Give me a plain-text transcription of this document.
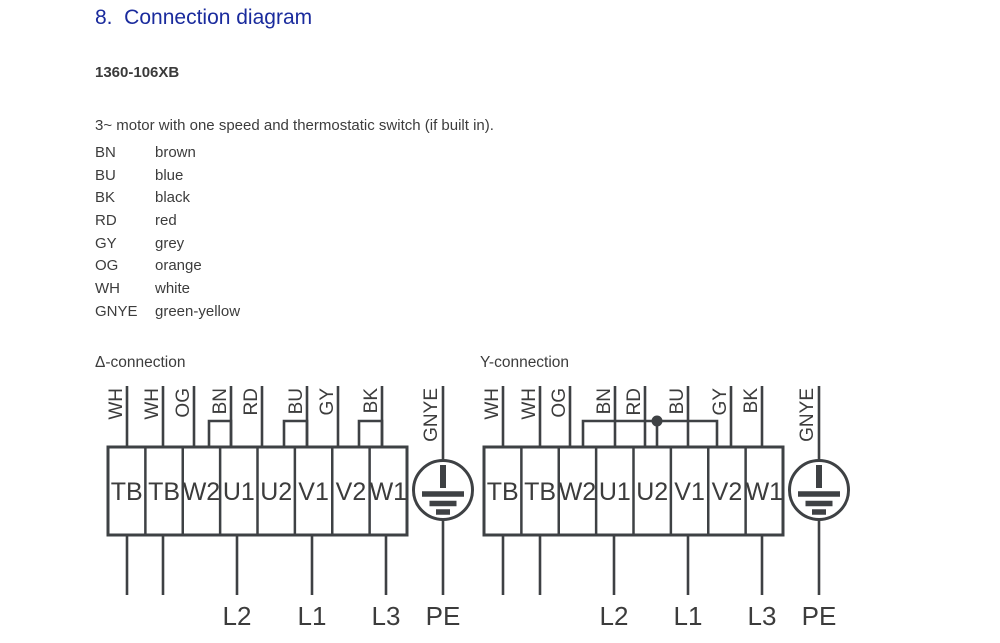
8.  Connection diagram
1360-106XB
3~ motor with one speed and thermostatic switch (if built in).
BN	brown
BU	blue
BK	black
RD	red
GY	grey
OG orange
WH white
GNYE green-yellow
Δ-connection	Y-connection
TB TB W2 U1 U2 V1 V2 W1
WH WH OG BN RD BU GY BK
L2 L1 L3
GNYE
PE
TB TB W2 U1 U2 V1 V2 W1
WH WH OG BN RD BU GY BK
L2 L1 L3
GNYE
PE
